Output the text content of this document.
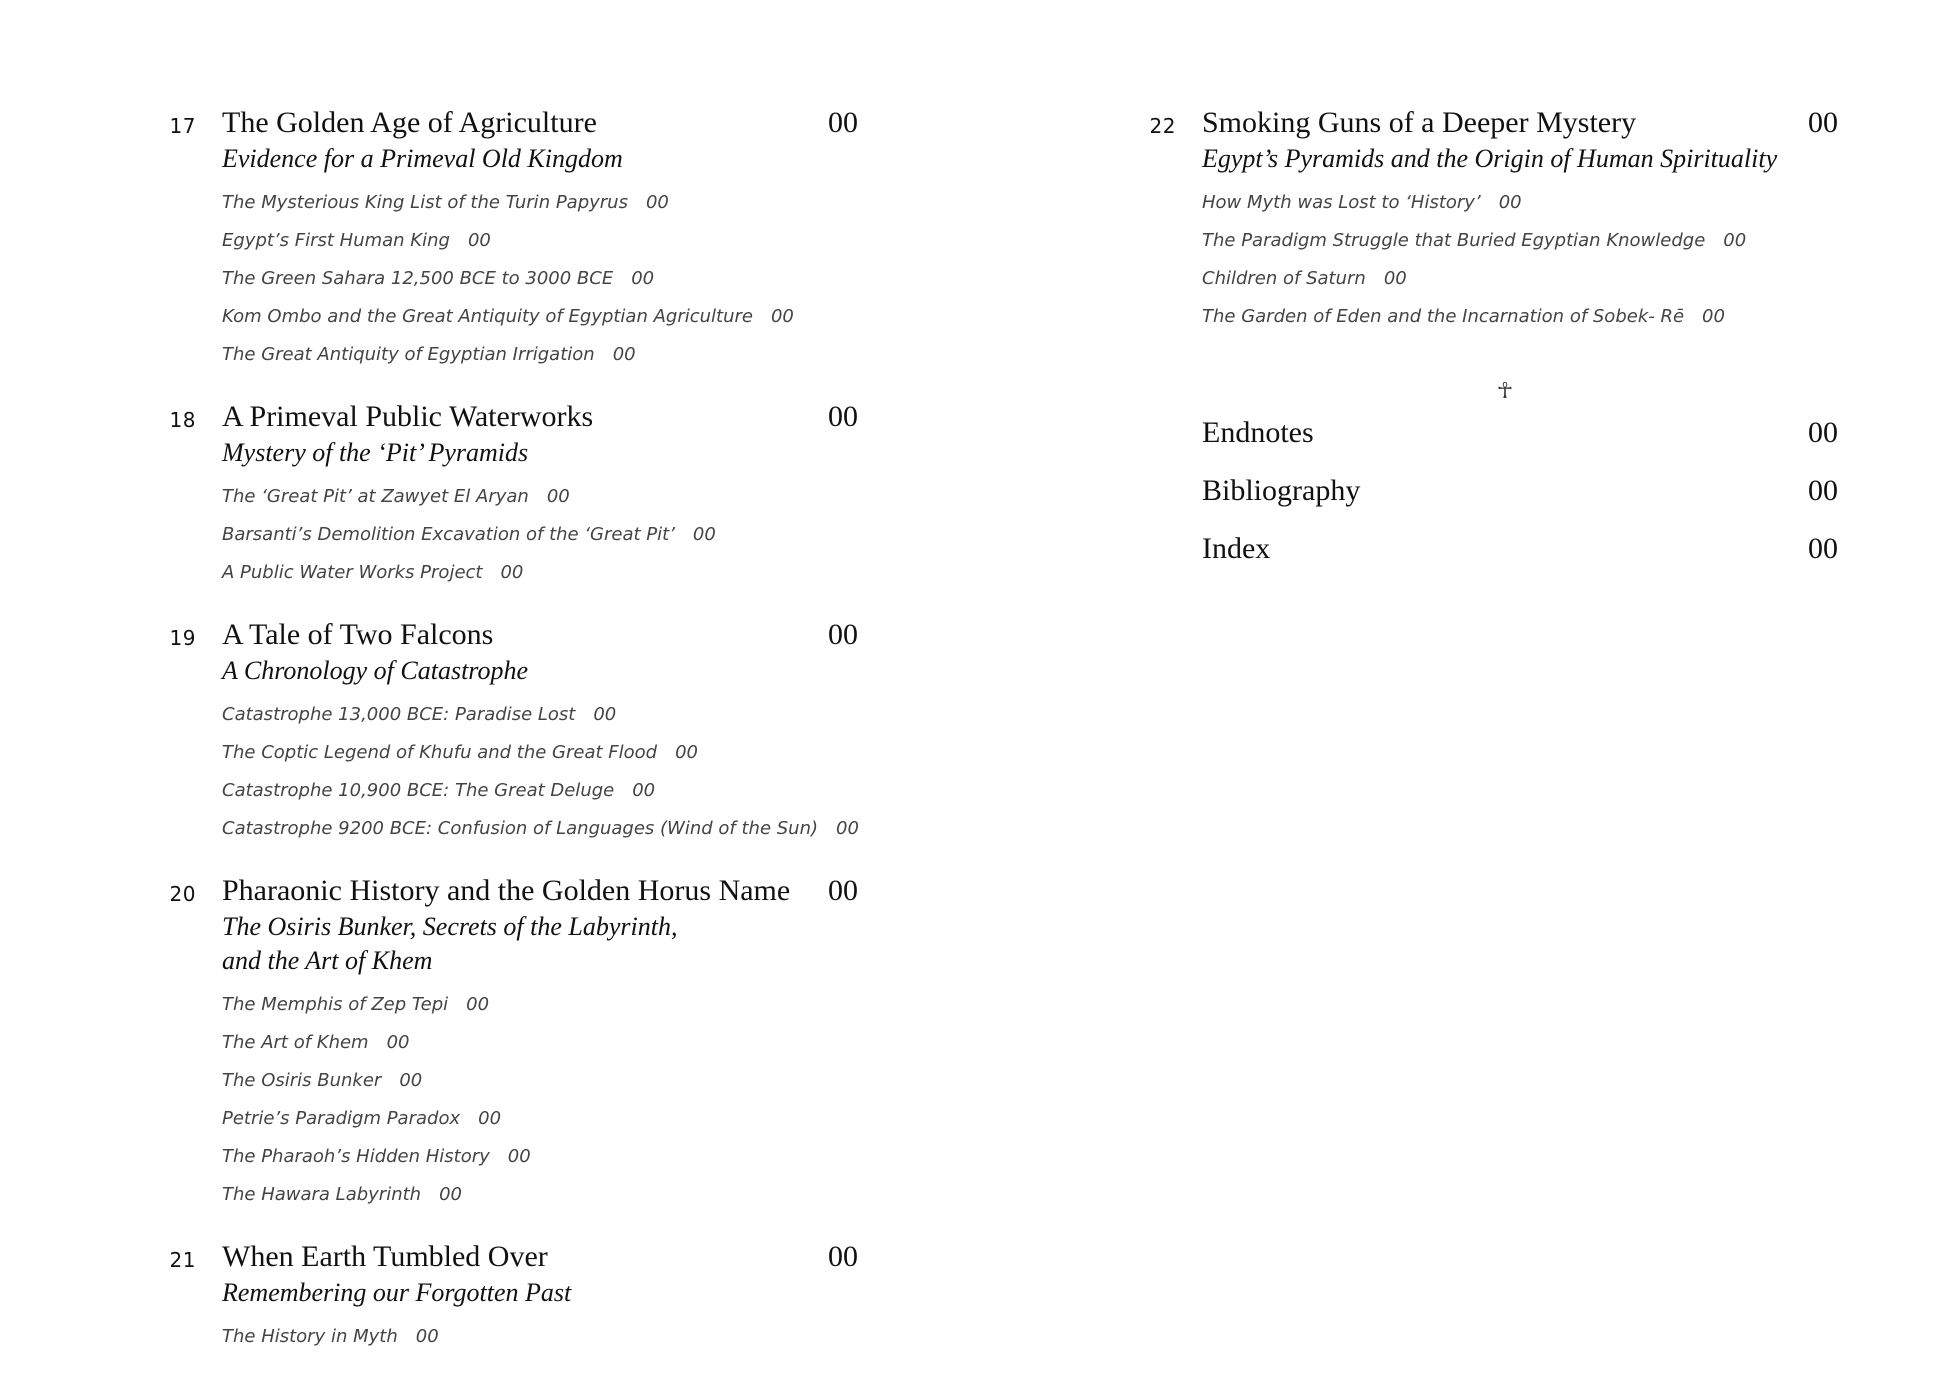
17 The Golden Age of Agriculture	00
Evidence for a Primeval Old Kingdom
The Mysterious King List of the Turin Papyrus 00
Egypt’s First Human King 00
The Green Sahara 12,500 BCE to 3000 BCE 00
Kom Ombo and the Great Antiquity of Egyptian Agriculture 00
The Great Antiquity of Egyptian Irrigation 00
18 A Primeval Public Waterworks	00
Mystery of the ‘Pit’ Pyramids
The ‘Great Pit’ at Zawyet El Aryan 00
Barsanti’s Demolition Excavation of the ‘Great Pit’ 00
A Public Water Works Project 00
19 A Tale of Two Falcons	00
A Chronology of Catastrophe
Catastrophe 13,000 BCE: Paradise Lost 00
The Coptic Legend of Khufu and the Great Flood 00
Catastrophe 10,900 BCE: The Great Deluge 00
Catastrophe 9200 BCE: Confusion of Languages (Wind of the Sun) 00
20 Pharaonic History and the Golden Horus Name	00
The Osiris Bunker, Secrets of the Labyrinth,
and the Art of Khem
The Memphis of Zep Tepi 00
The Art of Khem 00
The Osiris Bunker 00
Petrie’s Paradigm Paradox 00
The Pharaoh’s Hidden History 00
The Hawara Labyrinth 00
21 When Earth Tumbled Over	00
Remembering our Forgotten Past
The History in Myth 00
22 Smoking Guns of a Deeper Mystery	00
Egypt’s Pyramids and the Origin of Human Spirituality
How Myth was Lost to ‘History’ 00
The Paradigm Struggle that Buried Egyptian Knowledge 00
Children of Saturn 00
The Garden of Eden and the Incarnation of Sobek- Rē 00
☥
Endnotes	00
Bibliography	00
Index	00
